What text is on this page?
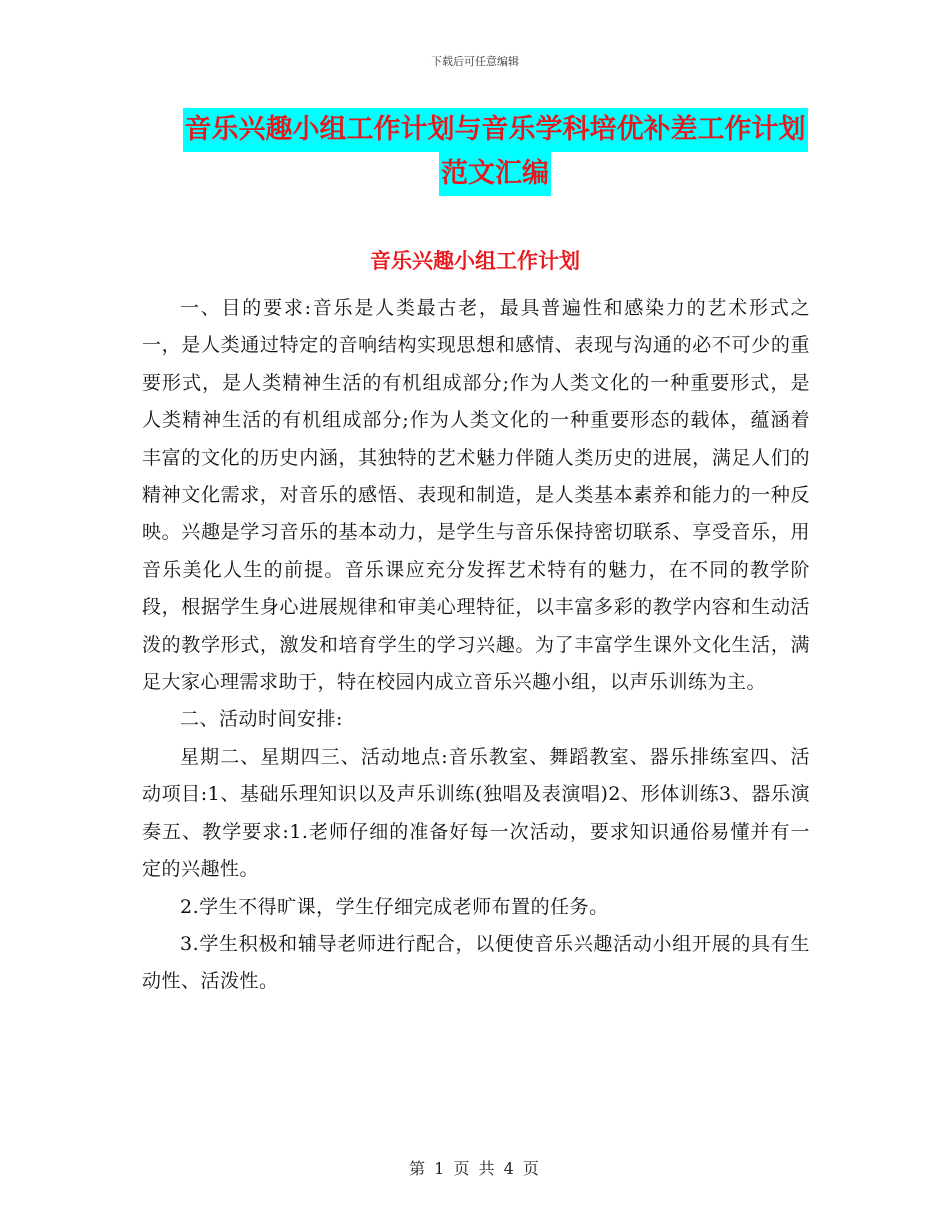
下载后可任意编辑
音乐兴趣小组工作计划与音乐学科培优补差工作计划
范文汇编
音乐兴趣小组工作计划

一、目的要求:音乐是人类最古老，最具普遍性和感染力的艺术形式之一，是人类通过特定的音响结构实现思想和感情、表现与沟通的必不可少的重要形式，是人类精神生活的有机组成部分;作为人类文化的一种重要形式，是人类精神生活的有机组成部分;作为人类文化的一种重要形态的载体，蕴涵着丰富的文化的历史内涵，其独特的艺术魅力伴随人类历史的进展，满足人们的精神文化需求，对音乐的感悟、表现和制造，是人类基本素养和能力的一种反映。兴趣是学习音乐的基本动力，是学生与音乐保持密切联系、享受音乐，用音乐美化人生的前提。音乐课应充分发挥艺术特有的魅力，在不同的教学阶段，根据学生身心进展规律和审美心理特征，以丰富多彩的教学内容和生动活泼的教学形式，激发和培育学生的学习兴趣。为了丰富学生课外文化生活，满足大家心理需求助于，特在校园内成立音乐兴趣小组，以声乐训练为主。

二、活动时间安排:

星期二、星期四三、活动地点:音乐教室、舞蹈教室、器乐排练室四、活动项目:1、基础乐理知识以及声乐训练(独唱及表演唱)2、形体训练3、器乐演奏五、教学要求:1.老师仔细的准备好每一次活动，要求知识通俗易懂并有一定的兴趣性。

2.学生不得旷课，学生仔细完成老师布置的任务。

3.学生积极和辅导老师进行配合，以便使音乐兴趣活动小组开展的具有生动性、活泼性。

第 1 页 共 4 页
